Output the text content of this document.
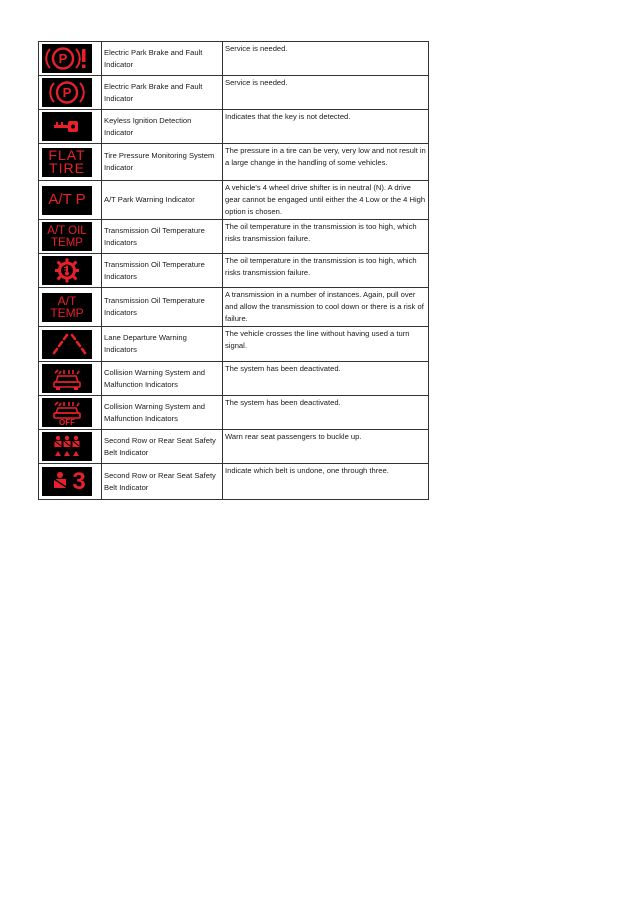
P	Electric Park Brake and Fault Indicator	Service is needed.

P	Electric Park Brake and Fault Indicator	Service is needed.

	Keyless Ignition Detection Indicator	Indicates that the key is not detected.

FLAT
TIRE	Tire Pressure Monitoring System Indicator	The pressure in a tire can be very, very low and not result in a large change in the handling of some vehicles.

A/T P	A/T Park Warning Indicator	A vehicle's 4 wheel drive shifter is in neutral (N). A drive gear cannot be engaged until either the 4 Low or the 4 High option is chosen.

A/T OIL
TEMP	Transmission Oil Temperature Indicators	The oil temperature in the transmission is too high, which risks transmission failure.

	Transmission Oil Temperature Indicators	The oil temperature in the transmission is too high, which risks transmission failure.

A/T
TEMP	Transmission Oil Temperature Indicators	A transmission in a number of instances. Again, pull over and allow the transmission to cool down or there is a risk of failure.

	Lane Departure Warning Indicators	The vehicle crosses the line without having used a turn signal.

	Collision Warning System and Malfunction Indicators	The system has been deactivated.

OFF	Collision Warning System and Malfunction Indicators	The system has been deactivated.

	Second Row or Rear Seat Safety Belt Indicator	Warn rear seat passengers to buckle up.

3	Second Row or Rear Seat Safety Belt Indicator	Indicate which belt is undone, one through three.
